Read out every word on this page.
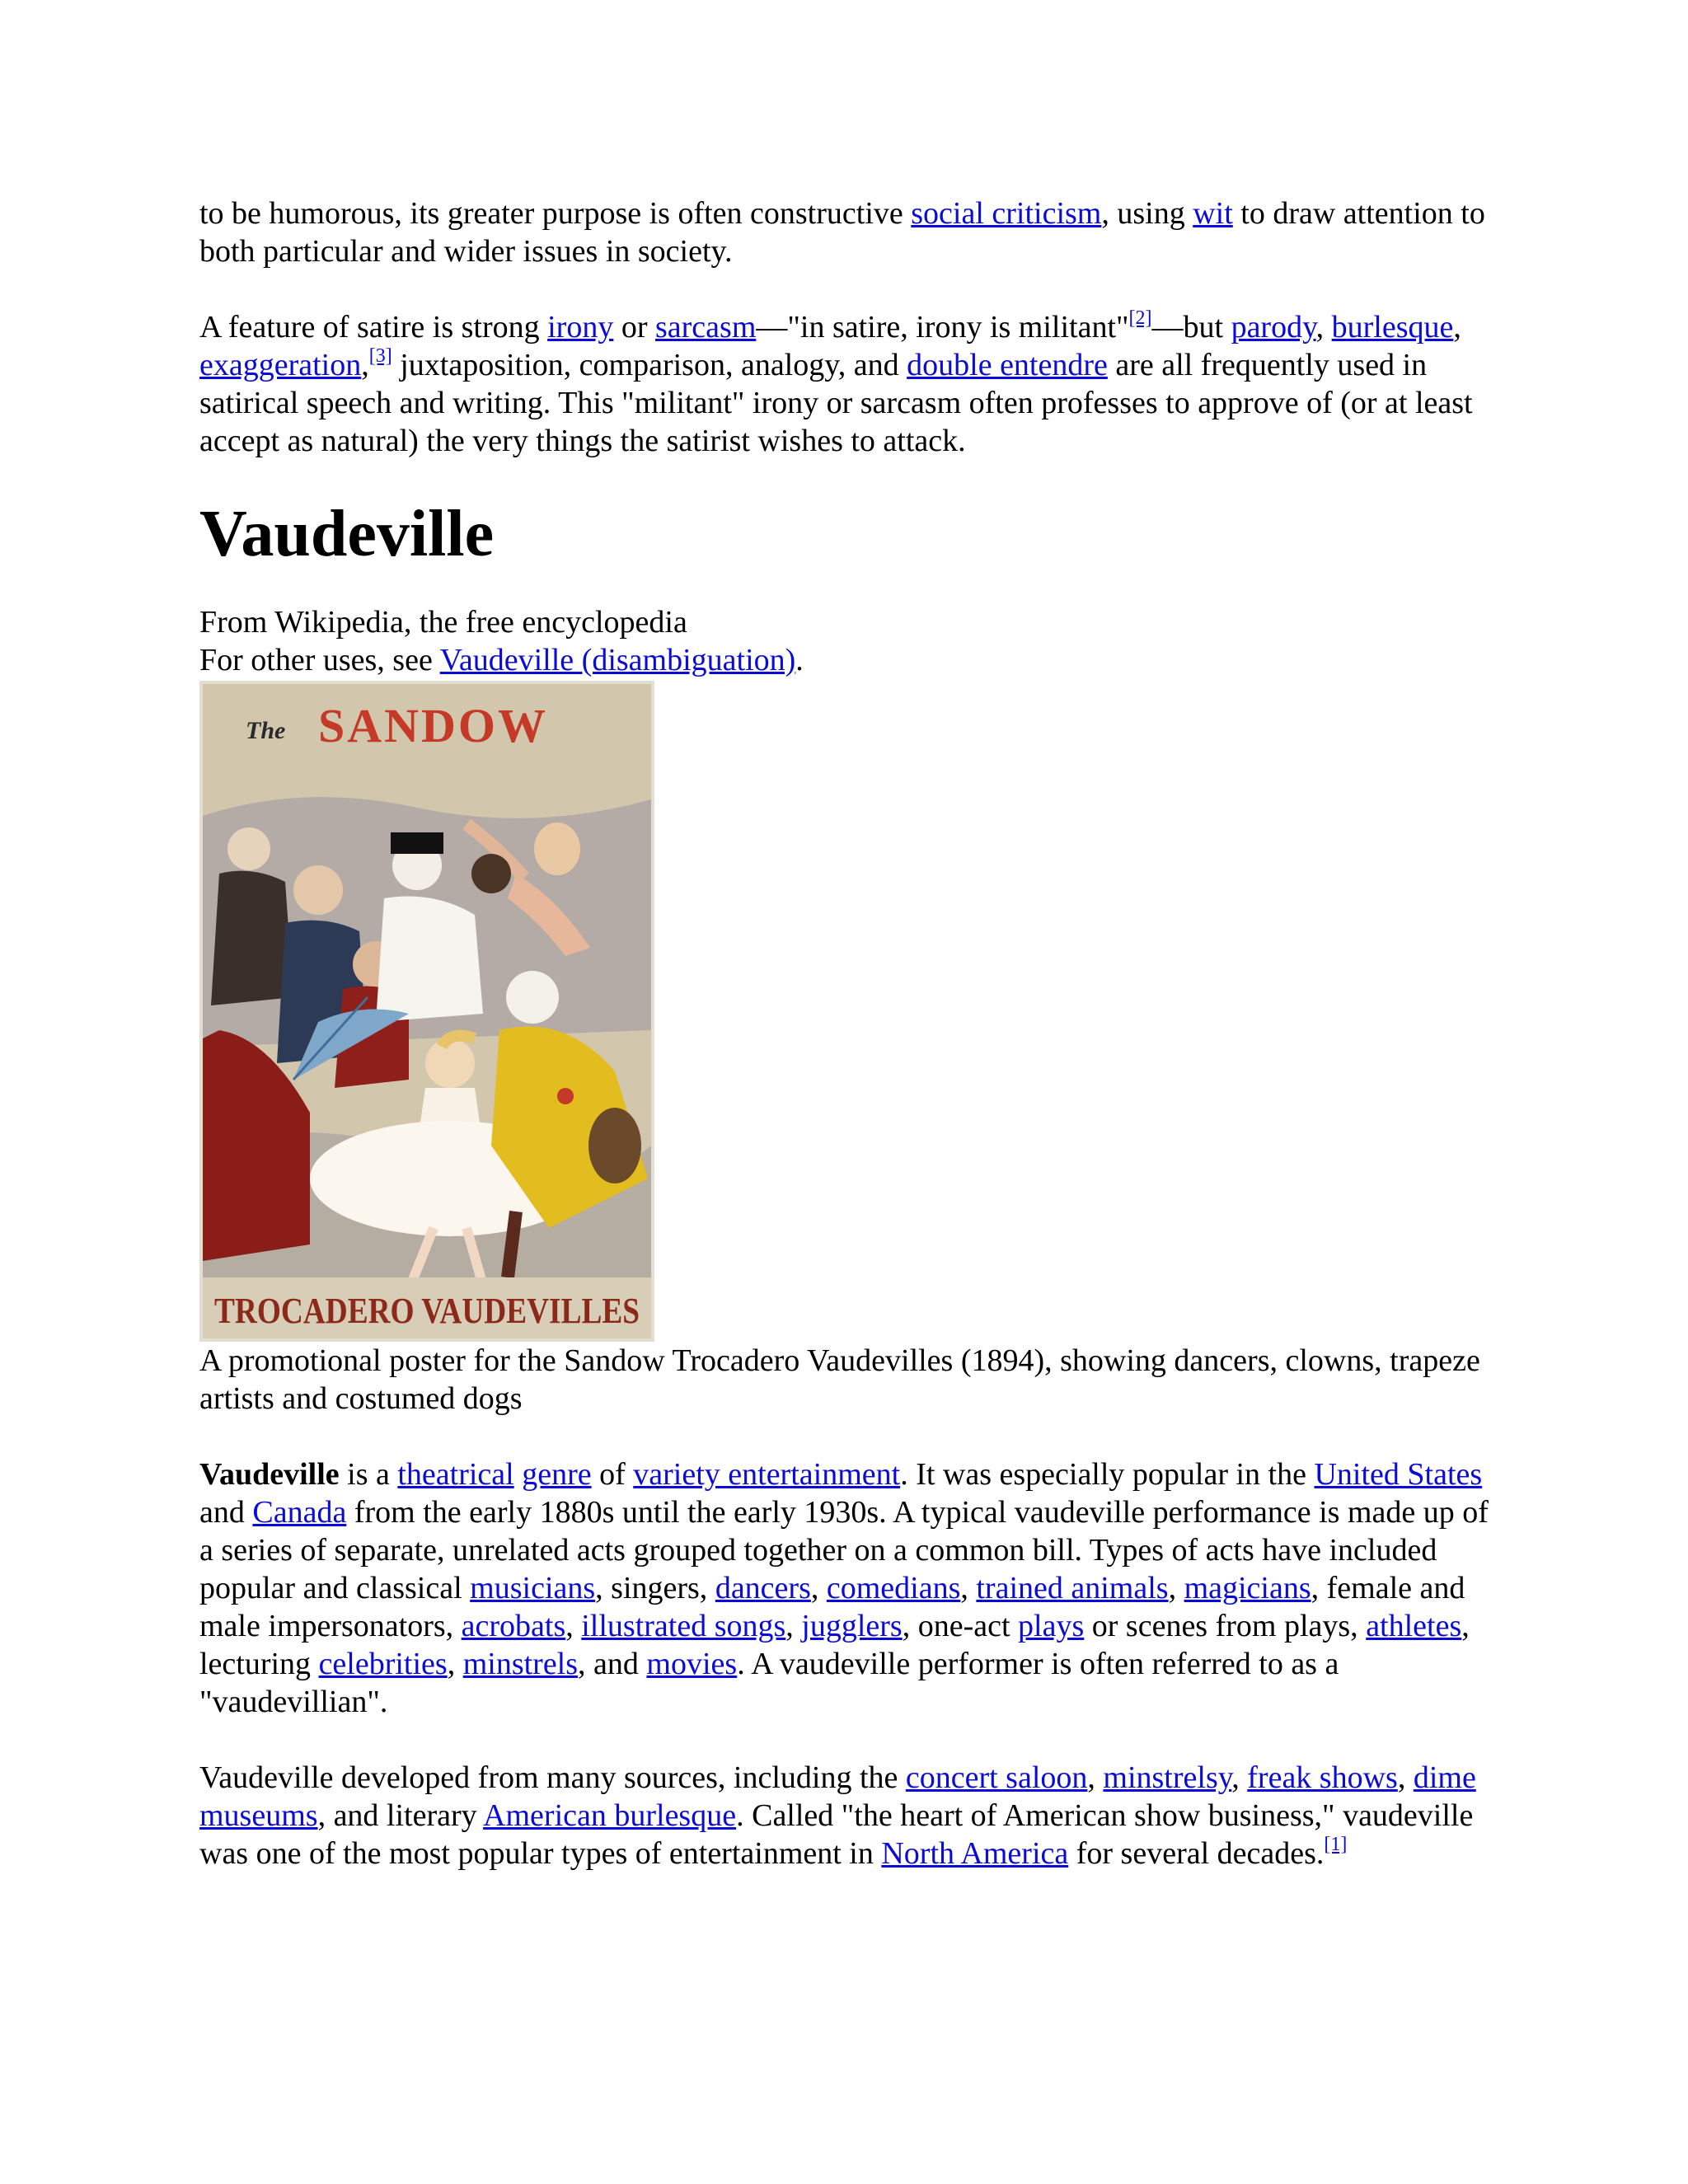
to be humorous, its greater purpose is often constructive social criticism, using wit to draw attention to both particular and wider issues in society.

A feature of satire is strong irony or sarcasm—"in satire, irony is militant"[2]—but parody, burlesque, exaggeration,[3] juxtaposition, comparison, analogy, and double entendre are all frequently used in satirical speech and writing. This "militant" irony or sarcasm often professes to approve of (or at least accept as natural) the very things the satirist wishes to attack.

Vaudeville

From Wikipedia, the free encyclopedia

For other uses, see Vaudeville (disambiguation).

The SANDOW
TROCADERO VAUDEVILLES

A promotional poster for the Sandow Trocadero Vaudevilles (1894), showing dancers, clowns, trapeze artists and costumed dogs

Vaudeville is a theatrical genre of variety entertainment. It was especially popular in the United States and Canada from the early 1880s until the early 1930s. A typical vaudeville performance is made up of a series of separate, unrelated acts grouped together on a common bill. Types of acts have included popular and classical musicians, singers, dancers, comedians, trained animals, magicians, female and male impersonators, acrobats, illustrated songs, jugglers, one-act plays or scenes from plays, athletes, lecturing celebrities, minstrels, and movies. A vaudeville performer is often referred to as a "vaudevillian".

Vaudeville developed from many sources, including the concert saloon, minstrelsy, freak shows, dime museums, and literary American burlesque. Called "the heart of American show business," vaudeville was one of the most popular types of entertainment in North America for several decades.[1]
